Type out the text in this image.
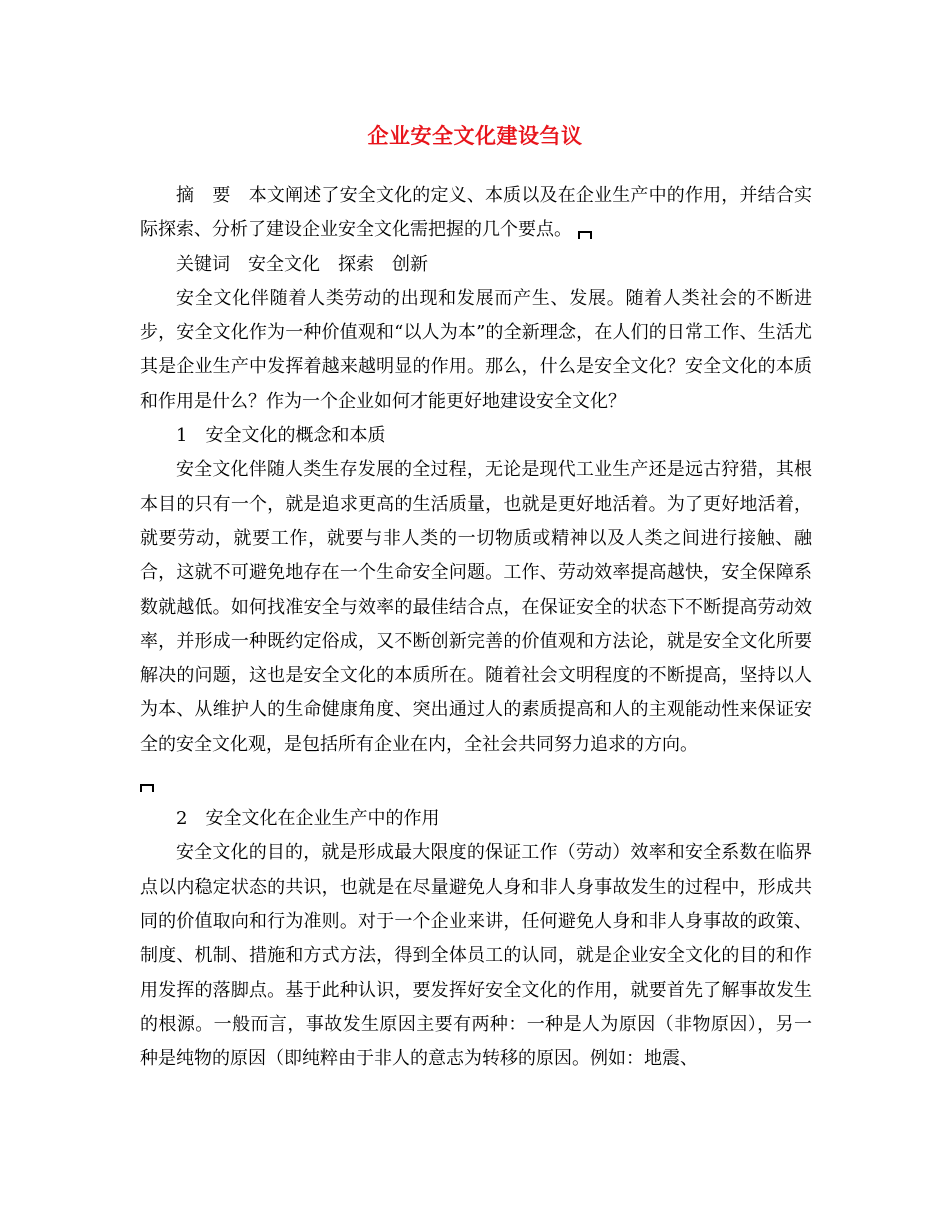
企业安全文化建设刍议

摘　要　本文阐述了安全文化的定义、本质以及在企业生产中的作用，并结合实际探索、分析了建设企业安全文化需把握的几个要点。

关键词　安全文化　探索　创新

安全文化伴随着人类劳动的出现和发展而产生、发展。随着人类社会的不断进步，安全文化作为一种价值观和“以人为本”的全新理念，在人们的日常工作、生活尤其是企业生产中发挥着越来越明显的作用。那么，什么是安全文化？安全文化的本质和作用是什么？作为一个企业如何才能更好地建设安全文化？

1　安全文化的概念和本质

安全文化伴随人类生存发展的全过程，无论是现代工业生产还是远古狩猎，其根本目的只有一个，就是追求更高的生活质量，也就是更好地活着。为了更好地活着，就要劳动，就要工作，就要与非人类的一切物质或精神以及人类之间进行接触、融合，这就不可避免地存在一个生命安全问题。工作、劳动效率提高越快，安全保障系数就越低。如何找准安全与效率的最佳结合点，在保证安全的状态下不断提高劳动效率，并形成一种既约定俗成，又不断创新完善的价值观和方法论，就是安全文化所要解决的问题，这也是安全文化的本质所在。随着社会文明程度的不断提高，坚持以人为本、从维护人的生命健康角度、突出通过人的素质提高和人的主观能动性来保证安全的安全文化观，是包括所有企业在内，全社会共同努力追求的方向。

2　安全文化在企业生产中的作用

安全文化的目的，就是形成最大限度的保证工作（劳动）效率和安全系数在临界点以内稳定状态的共识，也就是在尽量避免人身和非人身事故发生的过程中，形成共同的价值取向和行为准则。对于一个企业来讲，任何避免人身和非人身事故的政策、制度、机制、措施和方式方法，得到全体员工的认同，就是企业安全文化的目的和作用发挥的落脚点。基于此种认识，要发挥好安全文化的作用，就要首先了解事故发生的根源。一般而言，事故发生原因主要有两种：一种是人为原因（非物原因），另一种是纯物的原因（即纯粹由于非人的意志为转移的原因。例如：地震、
